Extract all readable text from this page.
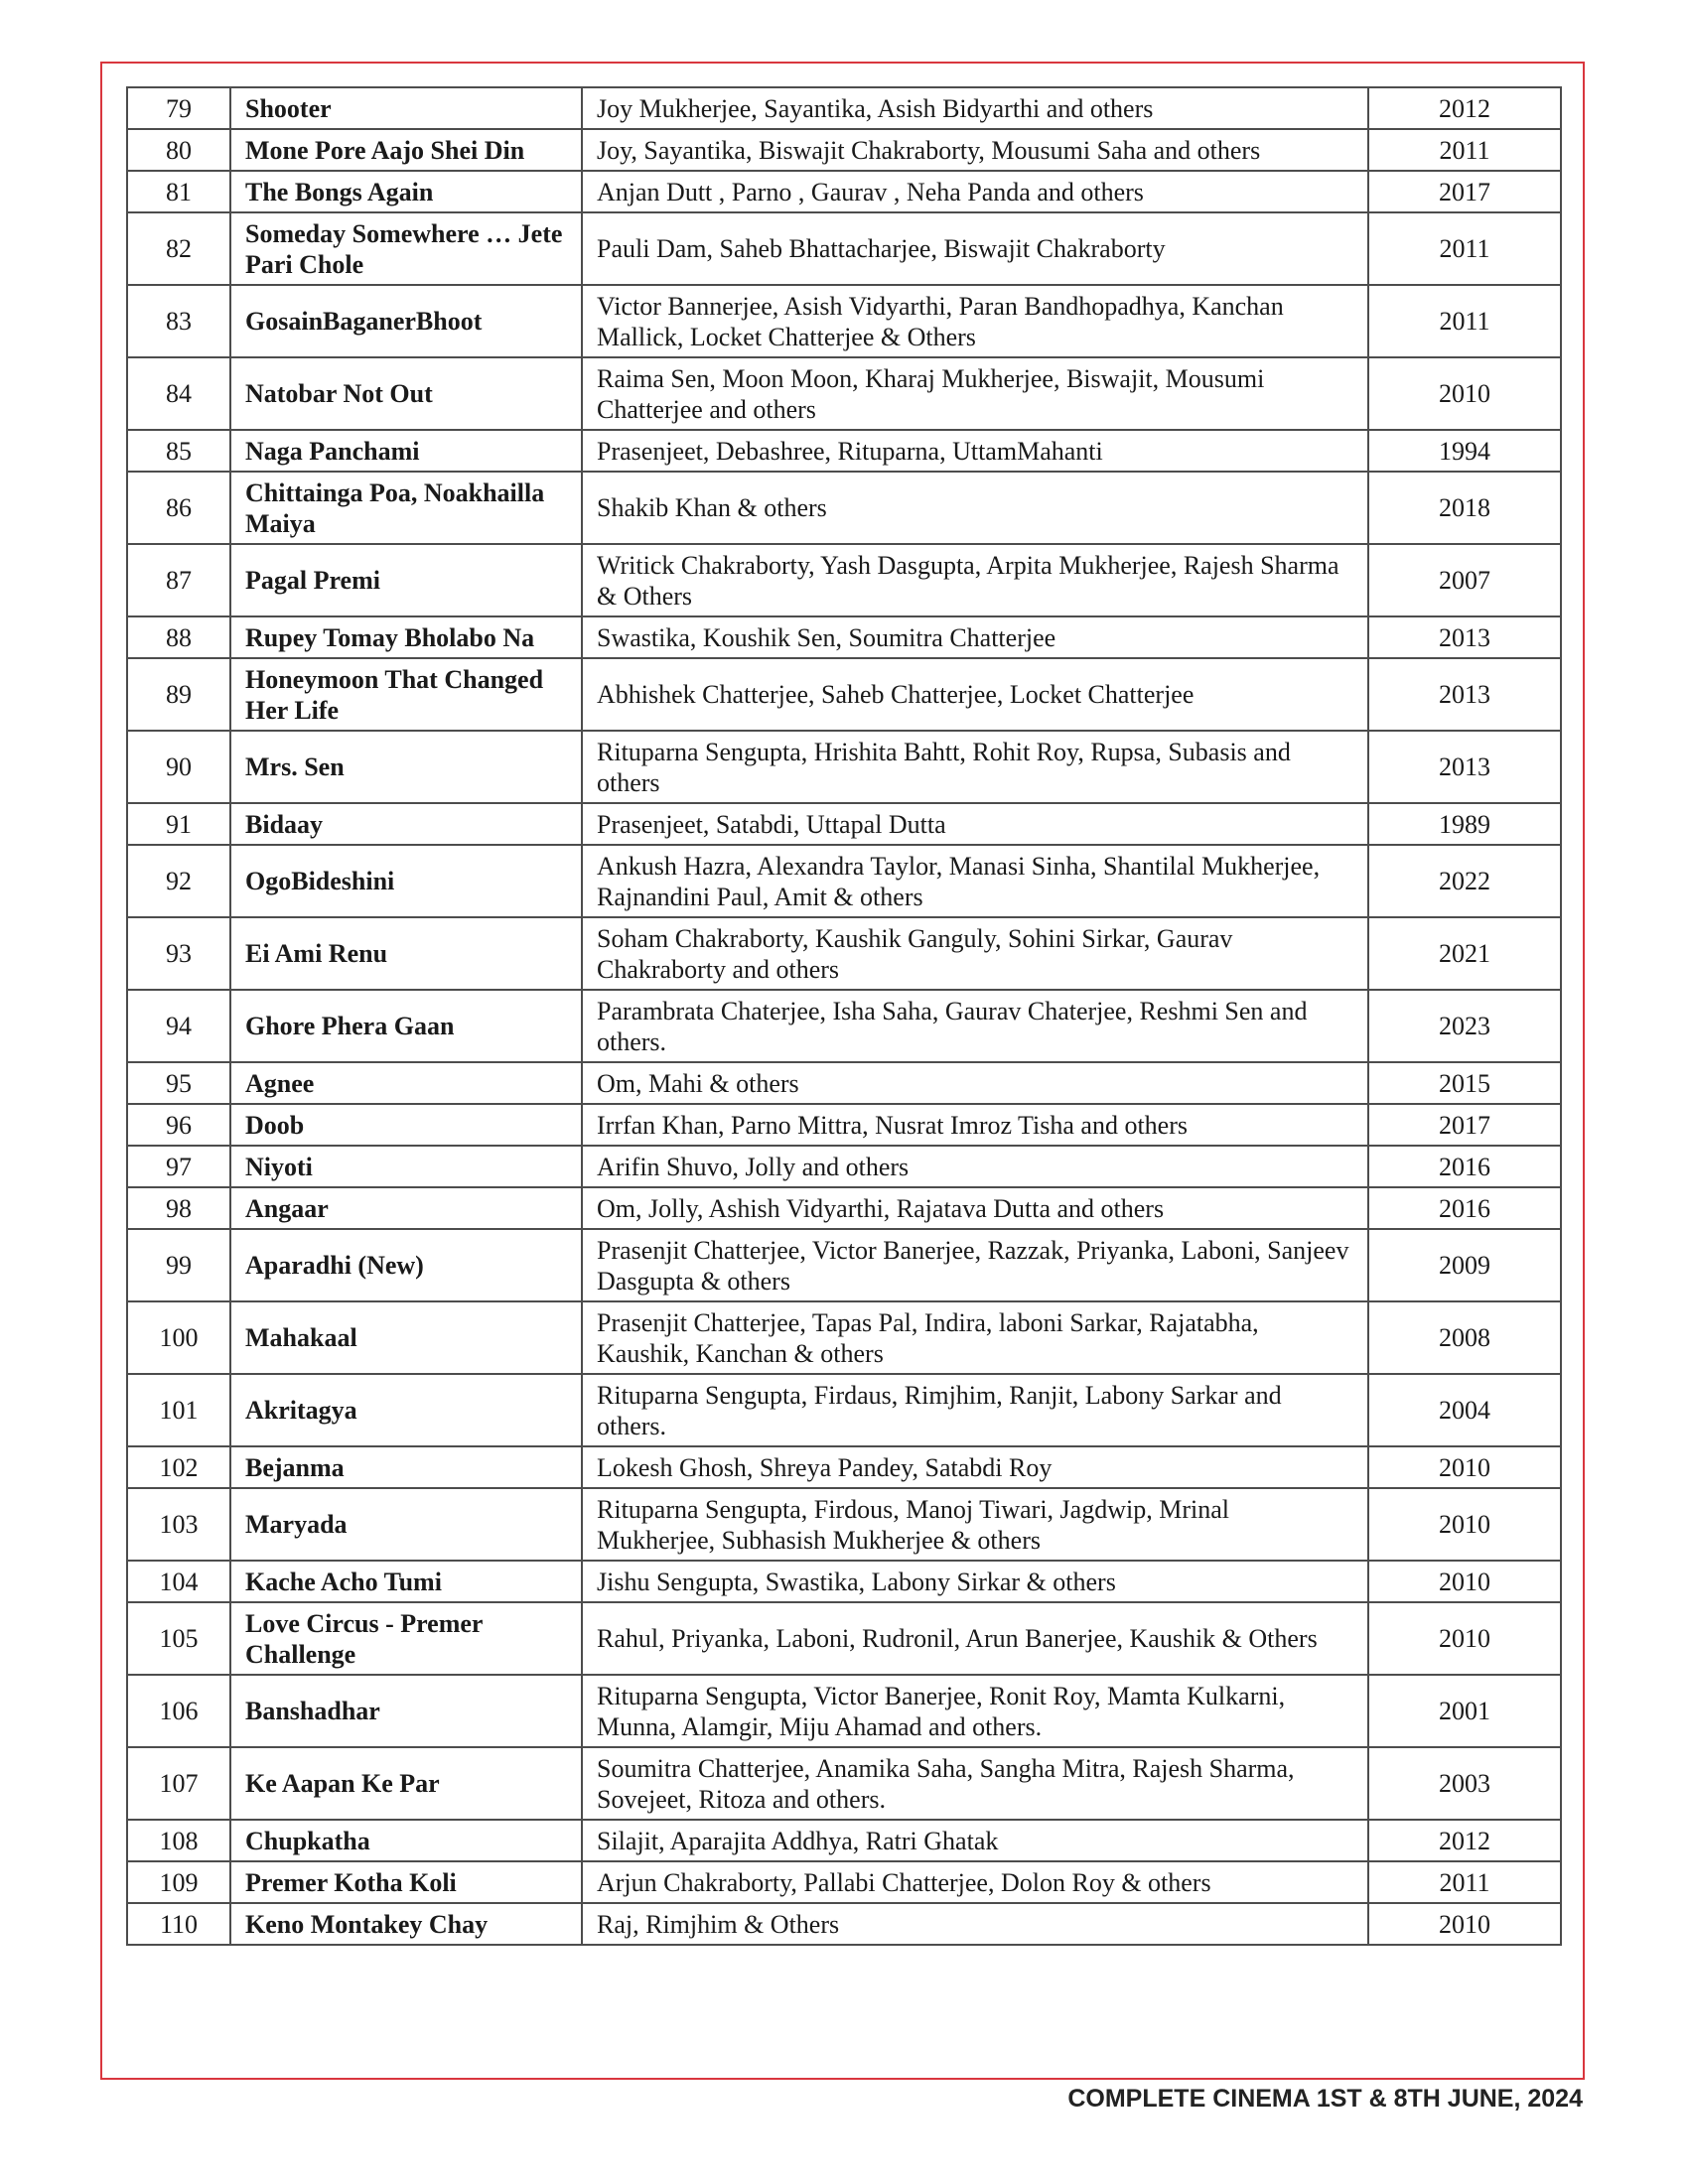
79	Shooter	Joy Mukherjee, Sayantika, Asish Bidyarthi and others	2012
80	Mone Pore Aajo Shei Din	Joy, Sayantika, Biswajit Chakraborty, Mousumi Saha and others	2011
81	The Bongs Again	Anjan Dutt , Parno , Gaurav , Neha Panda and others	2017
82	Someday Somewhere … Jete Pari Chole	Pauli Dam, Saheb Bhattacharjee, Biswajit Chakraborty	2011
83	GosainBaganerBhoot	Victor Bannerjee, Asish Vidyarthi, Paran Bandhopadhya, Kanchan Mallick, Locket Chatterjee & Others	2011
84	Natobar Not Out	Raima Sen, Moon Moon, Kharaj Mukherjee, Biswajit, Mousumi Chatterjee and others	2010
85	Naga Panchami	Prasenjeet, Debashree, Rituparna, UttamMahanti	1994
86	Chittainga Poa, Noakhailla Maiya	Shakib Khan & others	2018
87	Pagal Premi	Writick Chakraborty, Yash Dasgupta, Arpita Mukherjee, Rajesh Sharma & Others	2007
88	Rupey Tomay Bholabo Na	Swastika, Koushik Sen, Soumitra Chatterjee	2013
89	Honeymoon That Changed Her Life	Abhishek Chatterjee, Saheb Chatterjee, Locket Chatterjee	2013
90	Mrs. Sen	Rituparna Sengupta, Hrishita Bahtt, Rohit Roy, Rupsa, Subasis and others	2013
91	Bidaay	Prasenjeet, Satabdi, Uttapal Dutta	1989
92	OgoBideshini	Ankush Hazra, Alexandra Taylor, Manasi Sinha, Shantilal Mukherjee, Rajnandini Paul, Amit & others	2022
93	Ei Ami Renu	Soham Chakraborty, Kaushik Ganguly, Sohini Sirkar, Gaurav Chakraborty and others	2021
94	Ghore Phera Gaan	Parambrata Chaterjee, Isha Saha, Gaurav Chaterjee, Reshmi Sen and others.	2023
95	Agnee	Om, Mahi & others	2015
96	Doob	Irrfan Khan, Parno Mittra, Nusrat Imroz Tisha and others	2017
97	Niyoti	Arifin Shuvo, Jolly and others	2016
98	Angaar	Om, Jolly, Ashish Vidyarthi, Rajatava Dutta and others	2016
99	Aparadhi (New)	Prasenjit Chatterjee, Victor Banerjee, Razzak, Priyanka, Laboni, Sanjeev Dasgupta & others	2009
100	Mahakaal	Prasenjit Chatterjee, Tapas Pal, Indira, laboni Sarkar, Rajatabha, Kaushik, Kanchan & others	2008
101	Akritagya	Rituparna Sengupta, Firdaus, Rimjhim, Ranjit, Labony Sarkar and others.	2004
102	Bejanma	Lokesh Ghosh, Shreya Pandey, Satabdi Roy	2010
103	Maryada	Rituparna Sengupta, Firdous, Manoj Tiwari, Jagdwip, Mrinal Mukherjee, Subhasish Mukherjee & others	2010
104	Kache Acho Tumi	Jishu Sengupta, Swastika, Labony Sirkar & others	2010
105	Love Circus - Premer Challenge	Rahul, Priyanka, Laboni, Rudronil, Arun Banerjee, Kaushik & Others	2010
106	Banshadhar	Rituparna Sengupta, Victor Banerjee, Ronit Roy, Mamta Kulkarni, Munna, Alamgir, Miju Ahamad and others.	2001
107	Ke Aapan Ke Par	Soumitra Chatterjee, Anamika Saha, Sangha Mitra, Rajesh Sharma, Sovejeet, Ritoza and others.	2003
108	Chupkatha	Silajit, Aparajita Addhya, Ratri Ghatak	2012
109	Premer Kotha Koli	Arjun Chakraborty, Pallabi Chatterjee, Dolon Roy & others	2011
110	Keno Montakey Chay	Raj, Rimjhim & Others	2010
COMPLETE CINEMA 1ST & 8TH JUNE, 2024
